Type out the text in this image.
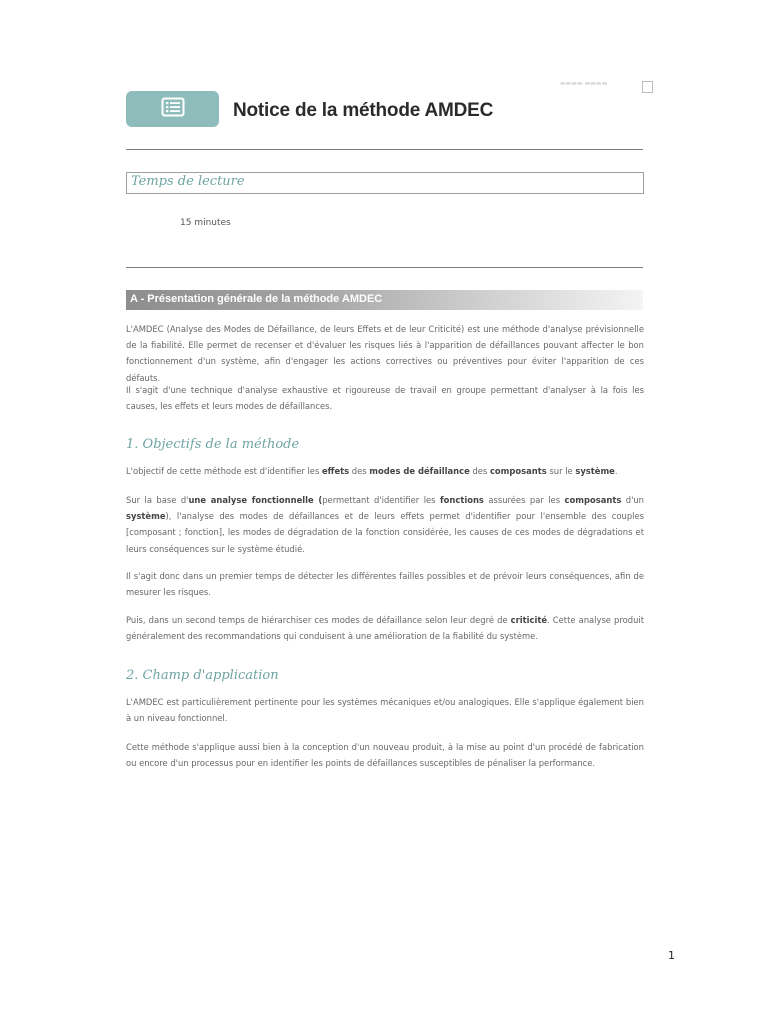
▬▬▬▬ ▬▬▬▬
Notice de la méthode AMDEC
Temps de lecture
15 minutes
A - Présentation générale de la méthode AMDEC
L'AMDEC (Analyse des Modes de Défaillance, de leurs Effets et de leur Criticité) est une méthode d'analyse prévisionnelle de la fiabilité. Elle permet de recenser et d'évaluer les risques liés à l'apparition de défaillances pouvant affecter le bon fonctionnement d'un système, afin d'engager les actions correctives ou préventives pour éviter l'apparition de ces défauts.
Il s'agit d'une technique d'analyse exhaustive et rigoureuse de travail en groupe permettant d'analyser à la fois les causes, les effets et leurs modes de défaillances.
1. Objectifs de la méthode
L'objectif de cette méthode est d'identifier les effets des modes de défaillance des composants sur le système.
Sur la base d'une analyse fonctionnelle (permettant d'identifier les fonctions assurées par les composants d'un système), l'analyse des modes de défaillances et de leurs effets permet d'identifier pour l'ensemble des couples [composant ; fonction], les modes de dégradation de la fonction considérée, les causes de ces modes de dégradations et leurs conséquences sur le système étudié.
Il s'agit donc dans un premier temps de détecter les différentes failles possibles et de prévoir leurs conséquences, afin de mesurer les risques.
Puis, dans un second temps de hiérarchiser ces modes de défaillance selon leur degré de criticité. Cette analyse produit généralement des recommandations qui conduisent à une amélioration de la fiabilité du système.
2. Champ d'application
L'AMDEC est particulièrement pertinente pour les systèmes mécaniques et/ou analogiques. Elle s'applique également bien à un niveau fonctionnel.
Cette méthode s'applique aussi bien à la conception d'un nouveau produit, à la mise au point d'un procédé de fabrication ou encore d'un processus pour en identifier les points de défaillances susceptibles de pénaliser la performance.
1
